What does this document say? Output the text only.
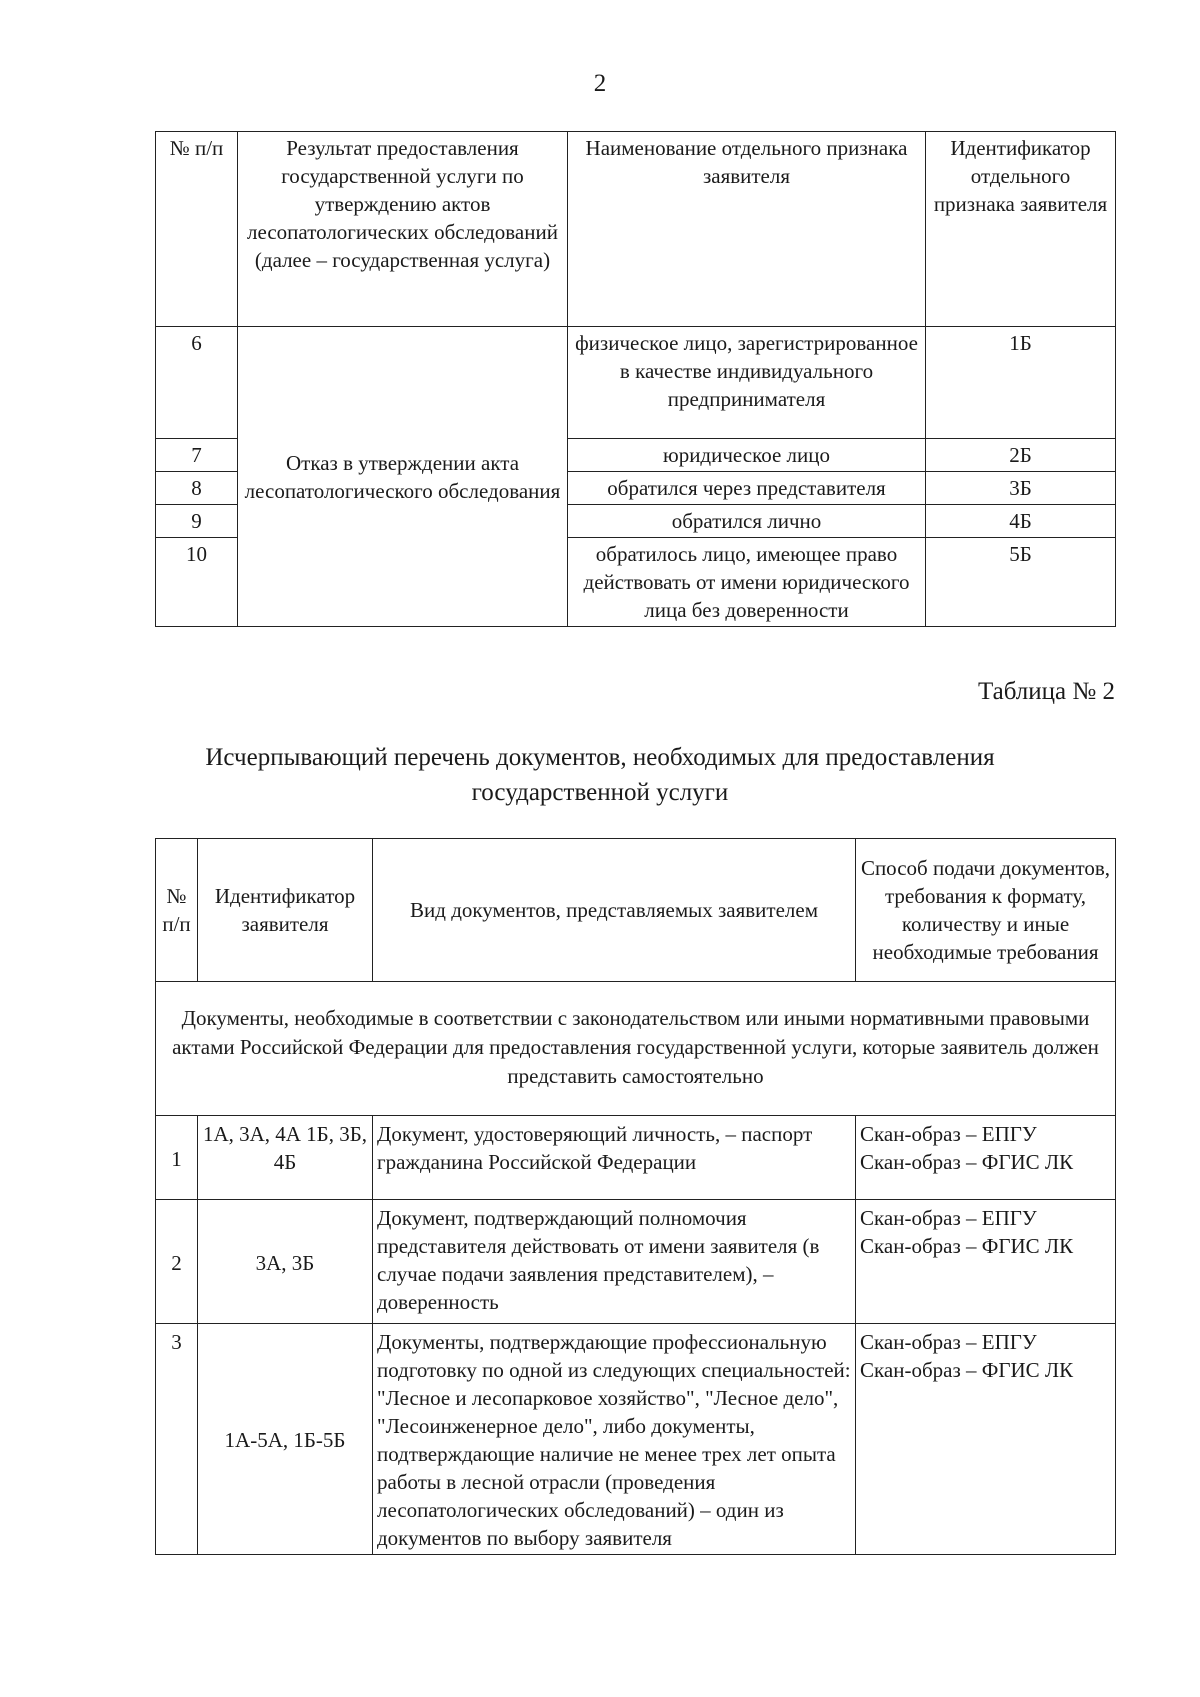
2
№ п/п	Результат предоставления государственной услуги по утверждению актов лесопатологических обследований (далее – государственная услуга)	Наименование отдельного признака заявителя	Идентификатор отдельного признака заявителя
6	Отказ в утверждении акта лесопатологического обследования	физическое лицо, зарегистрированное в качестве индивидуального предпринимателя	1Б
7		юридическое лицо	2Б
8		обратился через представителя	3Б
9		обратился лично	4Б
10		обратилось лицо, имеющее право действовать от имени юридического лица без доверенности	5Б
Таблица № 2
Исчерпывающий перечень документов, необходимых для предоставления государственной услуги
№ п/п	Идентификатор заявителя	Вид документов, представляемых заявителем	Способ подачи документов, требования к формату, количеству и иные необходимые требования
Документы, необходимые в соответствии с законодательством или иными нормативными правовыми актами Российской Федерации для предоставления государственной услуги, которые заявитель должен представить самостоятельно			
1	1А, 3А, 4А 1Б, 3Б, 4Б	Документ, удостоверяющий личность, – паспорт гражданина Российской Федерации	Скан-образ – ЕПГУ
Скан-образ – ФГИС ЛК

2	3А, 3Б	Документ, подтверждающий полномочия представителя действовать от имени заявителя (в случае подачи заявления представителем), – доверенность	Скан-образ – ЕПГУ
Скан-образ – ФГИС ЛК

3	1А-5А, 1Б-5Б	Документы, подтверждающие профессиональную подготовку по одной из следующих специальностей: "Лесное и лесопарковое хозяйство", "Лесное дело", "Лесоинженерное дело", либо документы, подтверждающие наличие не менее трех лет опыта работы в лесной отрасли (проведения лесопатологических обследований) – один из документов по выбору заявителя	Скан-образ – ЕПГУ
Скан-образ – ФГИС ЛК
